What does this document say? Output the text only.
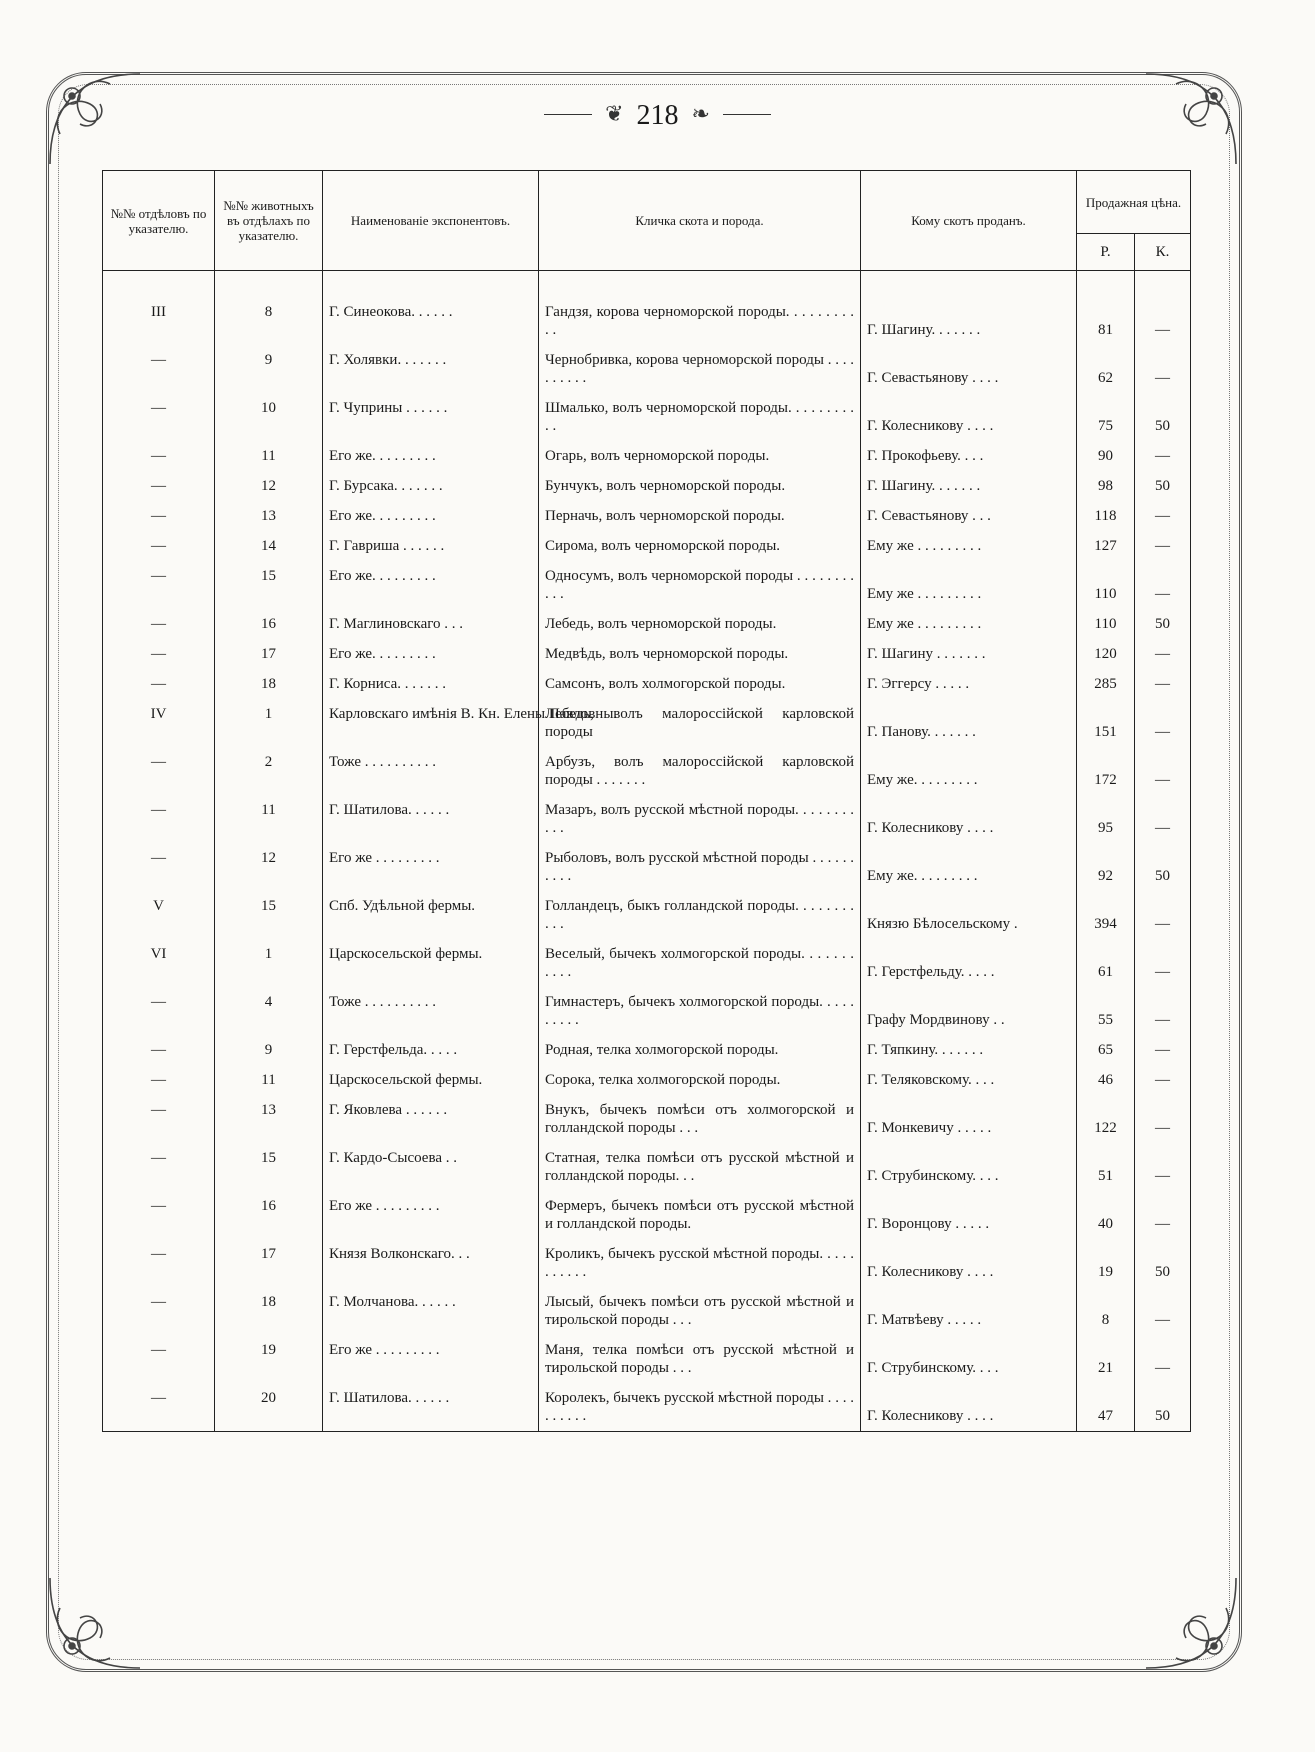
❦ 218 ❧
№№ отдѣловъ по указателю.	№№ животныхъ въ отдѣлахъ по указателю.	Наименованіе экспонентовъ.	Кличка скота и порода.	Кому скотъ проданъ.	Продажная цѣна.	
					Р.	К.

III	8	Г. Синеокова. . . . . .	Гандзя, корова черноморской породы. . . . . . . . . . .	Г. Шагину. . . . . . .	81	—
—	9	Г. Холявки. . . . . . .	Чернобривка, корова черноморской породы . . . . . . . . . .	Г. Севастьянову . . . .	62	—
—	10	Г. Чуприны . . . . . .	Шмалько, волъ черноморской породы. . . . . . . . . . .	Г. Колесникову . . . .	75	50
—	11	Его же. . . . . . . . .	Огарь, волъ черноморской породы.	Г. Прокофьеву. . . .	90	—
—	12	Г. Бурсака. . . . . . .	Бунчукъ, волъ черноморской породы.	Г. Шагину. . . . . . .	98	50
—	13	Его же. . . . . . . . .	Перначь, волъ черноморской породы.	Г. Севастьянову . . .	118	—
—	14	Г. Гавриша . . . . . .	Сирома, волъ черноморской породы.	Ему же . . . . . . . . .	127	—
—	15	Его же. . . . . . . . .	Односумъ, волъ черноморской породы . . . . . . . . . . .	Ему же . . . . . . . . .	110	—
—	16	Г. Маглиновскаго . . .	Лебедь, волъ черноморской породы.	Ему же . . . . . . . . .	110	50
—	17	Его же. . . . . . . . .	Медвѣдь, волъ черноморской породы.	Г. Шагину . . . . . . .	120	—
—	18	Г. Корниса. . . . . . .	Самсонъ, волъ холмогорской породы.	Г. Эггерсу . . . . .	285	—
IV	1	Карловскаго имѣнія В. Кн. Елены Павловны.	Лебедь, волъ малороссійской карловской породы	Г. Панову. . . . . . .	151	—
—	2	Тоже . . . . . . . . . .	Арбузъ, волъ малороссійской карловской породы . . . . . . .	Ему же. . . . . . . . .	172	—
—	11	Г. Шатилова. . . . . .	Мазаръ, волъ русской мѣстной породы. . . . . . . . . . .	Г. Колесникову . . . .	95	—
—	12	Его же . . . . . . . . .	Рыболовъ, волъ русской мѣстной породы . . . . . . . . . .	Ему же. . . . . . . . .	92	50
V	15	Спб. Удѣльной фермы.	Голландецъ, быкъ голландской породы. . . . . . . . . . .	Князю Бѣлосельскому .	394	—
VI	1	Царскосельской фермы.	Веселый, бычекъ холмогорской породы. . . . . . . . . . .	Г. Герстфельду. . . . .	61	—
—	4	Тоже . . . . . . . . . .	Гимнастеръ, бычекъ холмогорской породы. . . . . . . . . .	Графу Мордвинову . .	55	—
—	9	Г. Герстфельда. . . . .	Родная, телка холмогорской породы.	Г. Тяпкину. . . . . . .	65	—
—	11	Царскосельской фермы.	Сорока, телка холмогорской породы.	Г. Теляковскому. . . .	46	—
—	13	Г. Яковлева . . . . . .	Внукъ, бычекъ помѣси отъ холмогорской и голландской породы . . .	Г. Монкевичу . . . . .	122	—
—	15	Г. Кардо-Сысоева . .	Статная, телка помѣси отъ русской мѣстной и голландской породы. . .	Г. Струбинскому. . . .	51	—
—	16	Его же . . . . . . . . .	Фермеръ, бычекъ помѣси отъ русской мѣстной и голландской породы.	Г. Воронцову . . . . .	40	—
—	17	Князя Волконскаго. . .	Кроликъ, бычекъ русской мѣстной породы. . . . . . . . . . .	Г. Колесникову . . . .	19	50
—	18	Г. Молчанова. . . . . .	Лысый, бычекъ помѣси отъ русской мѣстной и тирольской породы . . .	Г. Матвѣеву . . . . .	8	—
—	19	Его же . . . . . . . . .	Маня, телка помѣси отъ русской мѣстной и тирольской породы . . .	Г. Струбинскому. . . .	21	—
—	20	Г. Шатилова. . . . . .	Королекъ, бычекъ русской мѣстной породы . . . . . . . . . .	Г. Колесникову . . . .	47	50
